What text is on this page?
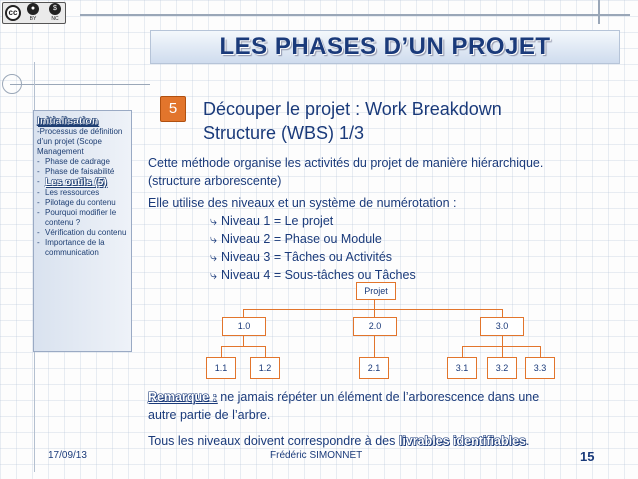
cc	●
BY
$
NC
LES PHASES D’UN PROJET
Initialisation
-Processus de définition d’un projet (Scope Management
- Phase de cadrage
- Phase de faisabilité
- Les outils (5)
- Les ressources
- Pilotage du contenu
- Pourquoi modifier le contenu ?
- Vérification du contenu
- Importance de la communication
5	Découper le projet : Work Breakdown
Structure (WBS) 1/3
Cette méthode organise les activités du projet de manière hiérarchique.
(structure arborescente)
Elle utilise des niveaux et un système de numérotation :
⤷ Niveau 1 = Le projet
⤷ Niveau 2 = Phase ou Module
⤷ Niveau 3 = Tâches ou Activités
⤷ Niveau 4 = Sous-tâches ou Tâches
Projet
1.0	2.0	3.0
1.1	1.2	2.1	3.1	3.2	3.3
Remarque : ne jamais répéter un élément de l’arborescence dans une
autre partie de l’arbre.
Tous les niveaux doivent correspondre à des livrables identifiables.
17/09/13	Frédéric SIMONNET	15
